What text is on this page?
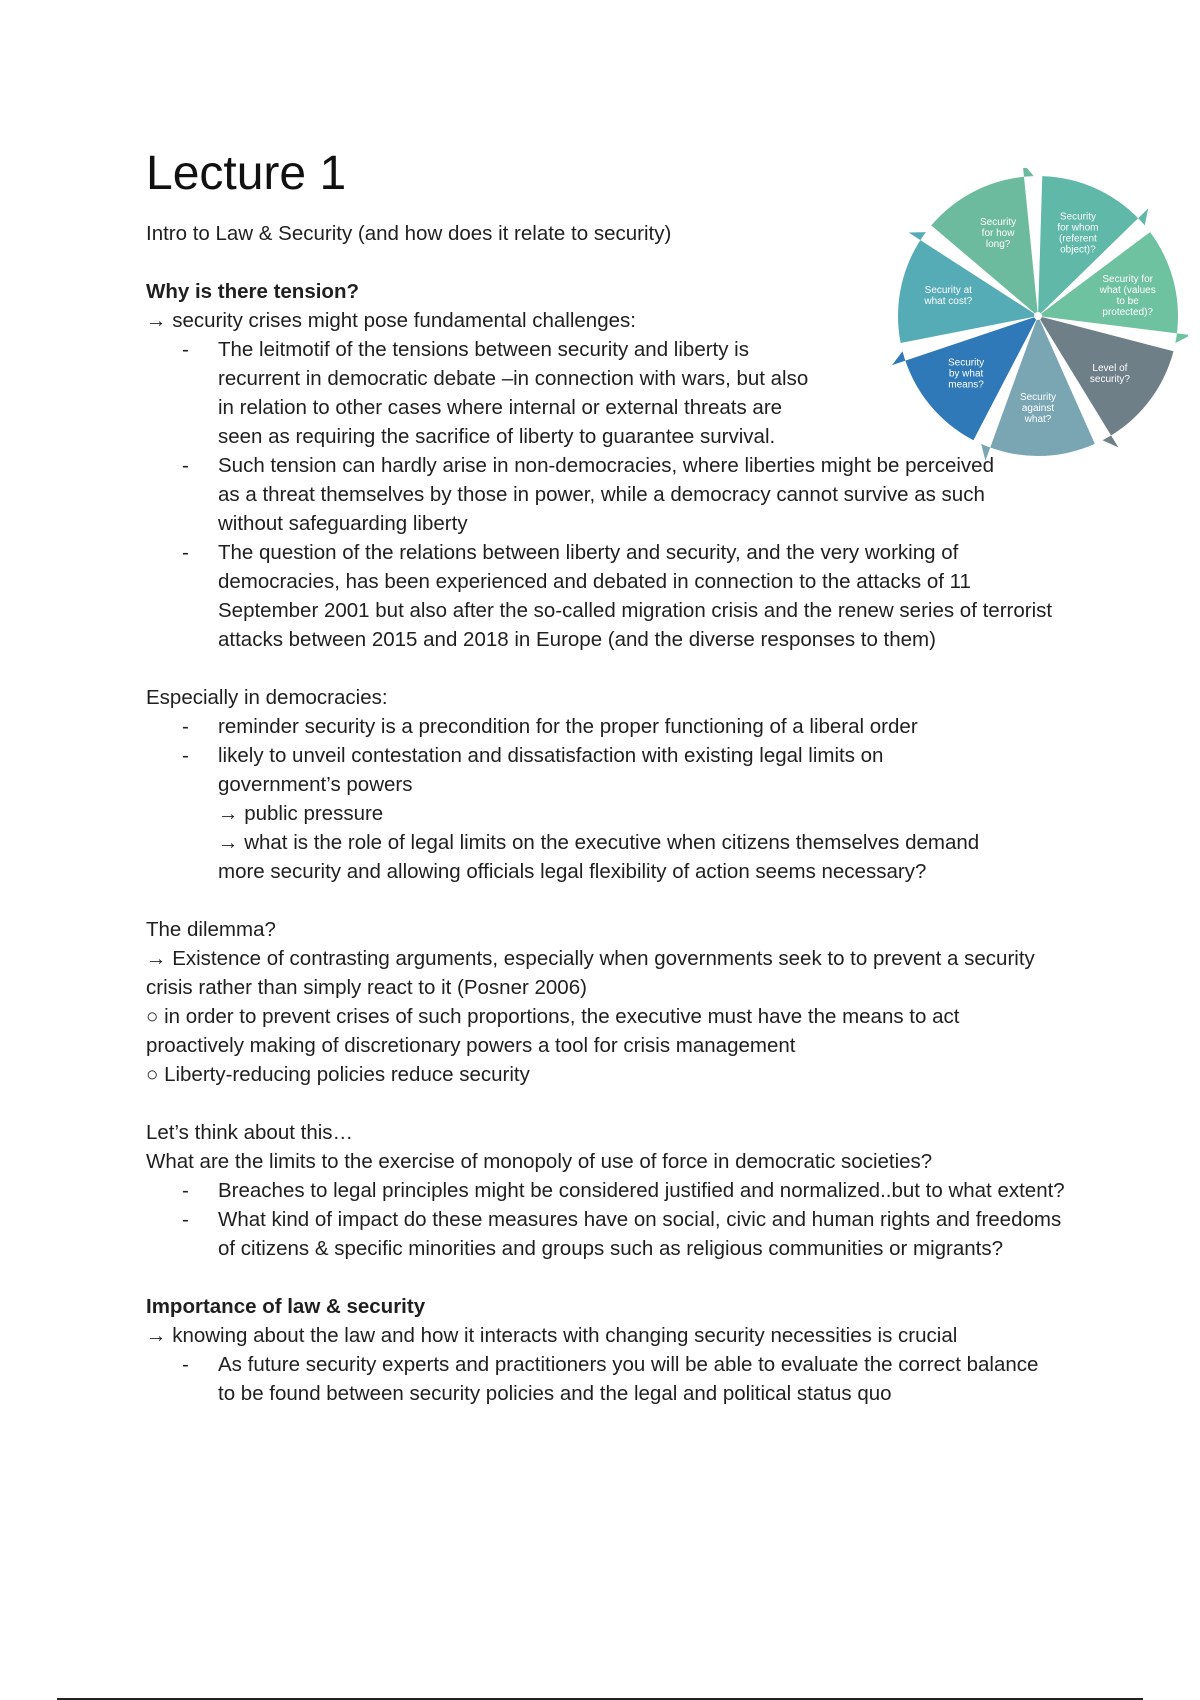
Security for whom (referent object)?
Security for what (values to be protected)?
Level of security?
Security against what?
Security by what means?
Security at what cost?
Security for how long?
Lecture 1

Intro to Law & Security (and how does it relate to security)

Why is there tension?

→ security crises might pose fundamental challenges:

- The leitmotif of the tensions between security and liberty is recurrent in democratic debate –in connection with wars, but also in relation to other cases where internal or external threats are seen as requiring the sacrifice of liberty to guarantee survival.
- Such tension can hardly arise in non-democracies, where liberties might be perceived as a threat themselves by those in power, while a democracy cannot survive as such without safeguarding liberty
- The question of the relations between liberty and security, and the very working of democracies, has been experienced and debated in connection to the attacks of 11 September 2001 but also after the so-called migration crisis and the renew series of terrorist attacks between 2015 and 2018 in Europe (and the diverse responses to them)

Especially in democracies:

- reminder security is a precondition for the proper functioning of a liberal order
- likely to unveil contestation and dissatisfaction with existing legal limits on government’s powers
→ public pressure
→ what is the role of legal limits on the executive when citizens themselves demand more security and allowing officials legal flexibility of action seems necessary?

The dilemma?

→ Existence of contrasting arguments, especially when governments seek to to prevent a security crisis rather than simply react to it (Posner 2006)

○ in order to prevent crises of such proportions, the executive must have the means to act proactively making of discretionary powers a tool for crisis management

○ Liberty-reducing policies reduce security

Let’s think about this…

What are the limits to the exercise of monopoly of use of force in democratic societies?

- Breaches to legal principles might be considered justified and normalized..but to what extent?
- What kind of impact do these measures have on social, civic and human rights and freedoms of citizens & specific minorities and groups such as religious communities or migrants?

Importance of law & security

→ knowing about the law and how it interacts with changing security necessities is crucial

- As future security experts and practitioners you will be able to evaluate the correct balance to be found between security policies and the legal and political status quo
